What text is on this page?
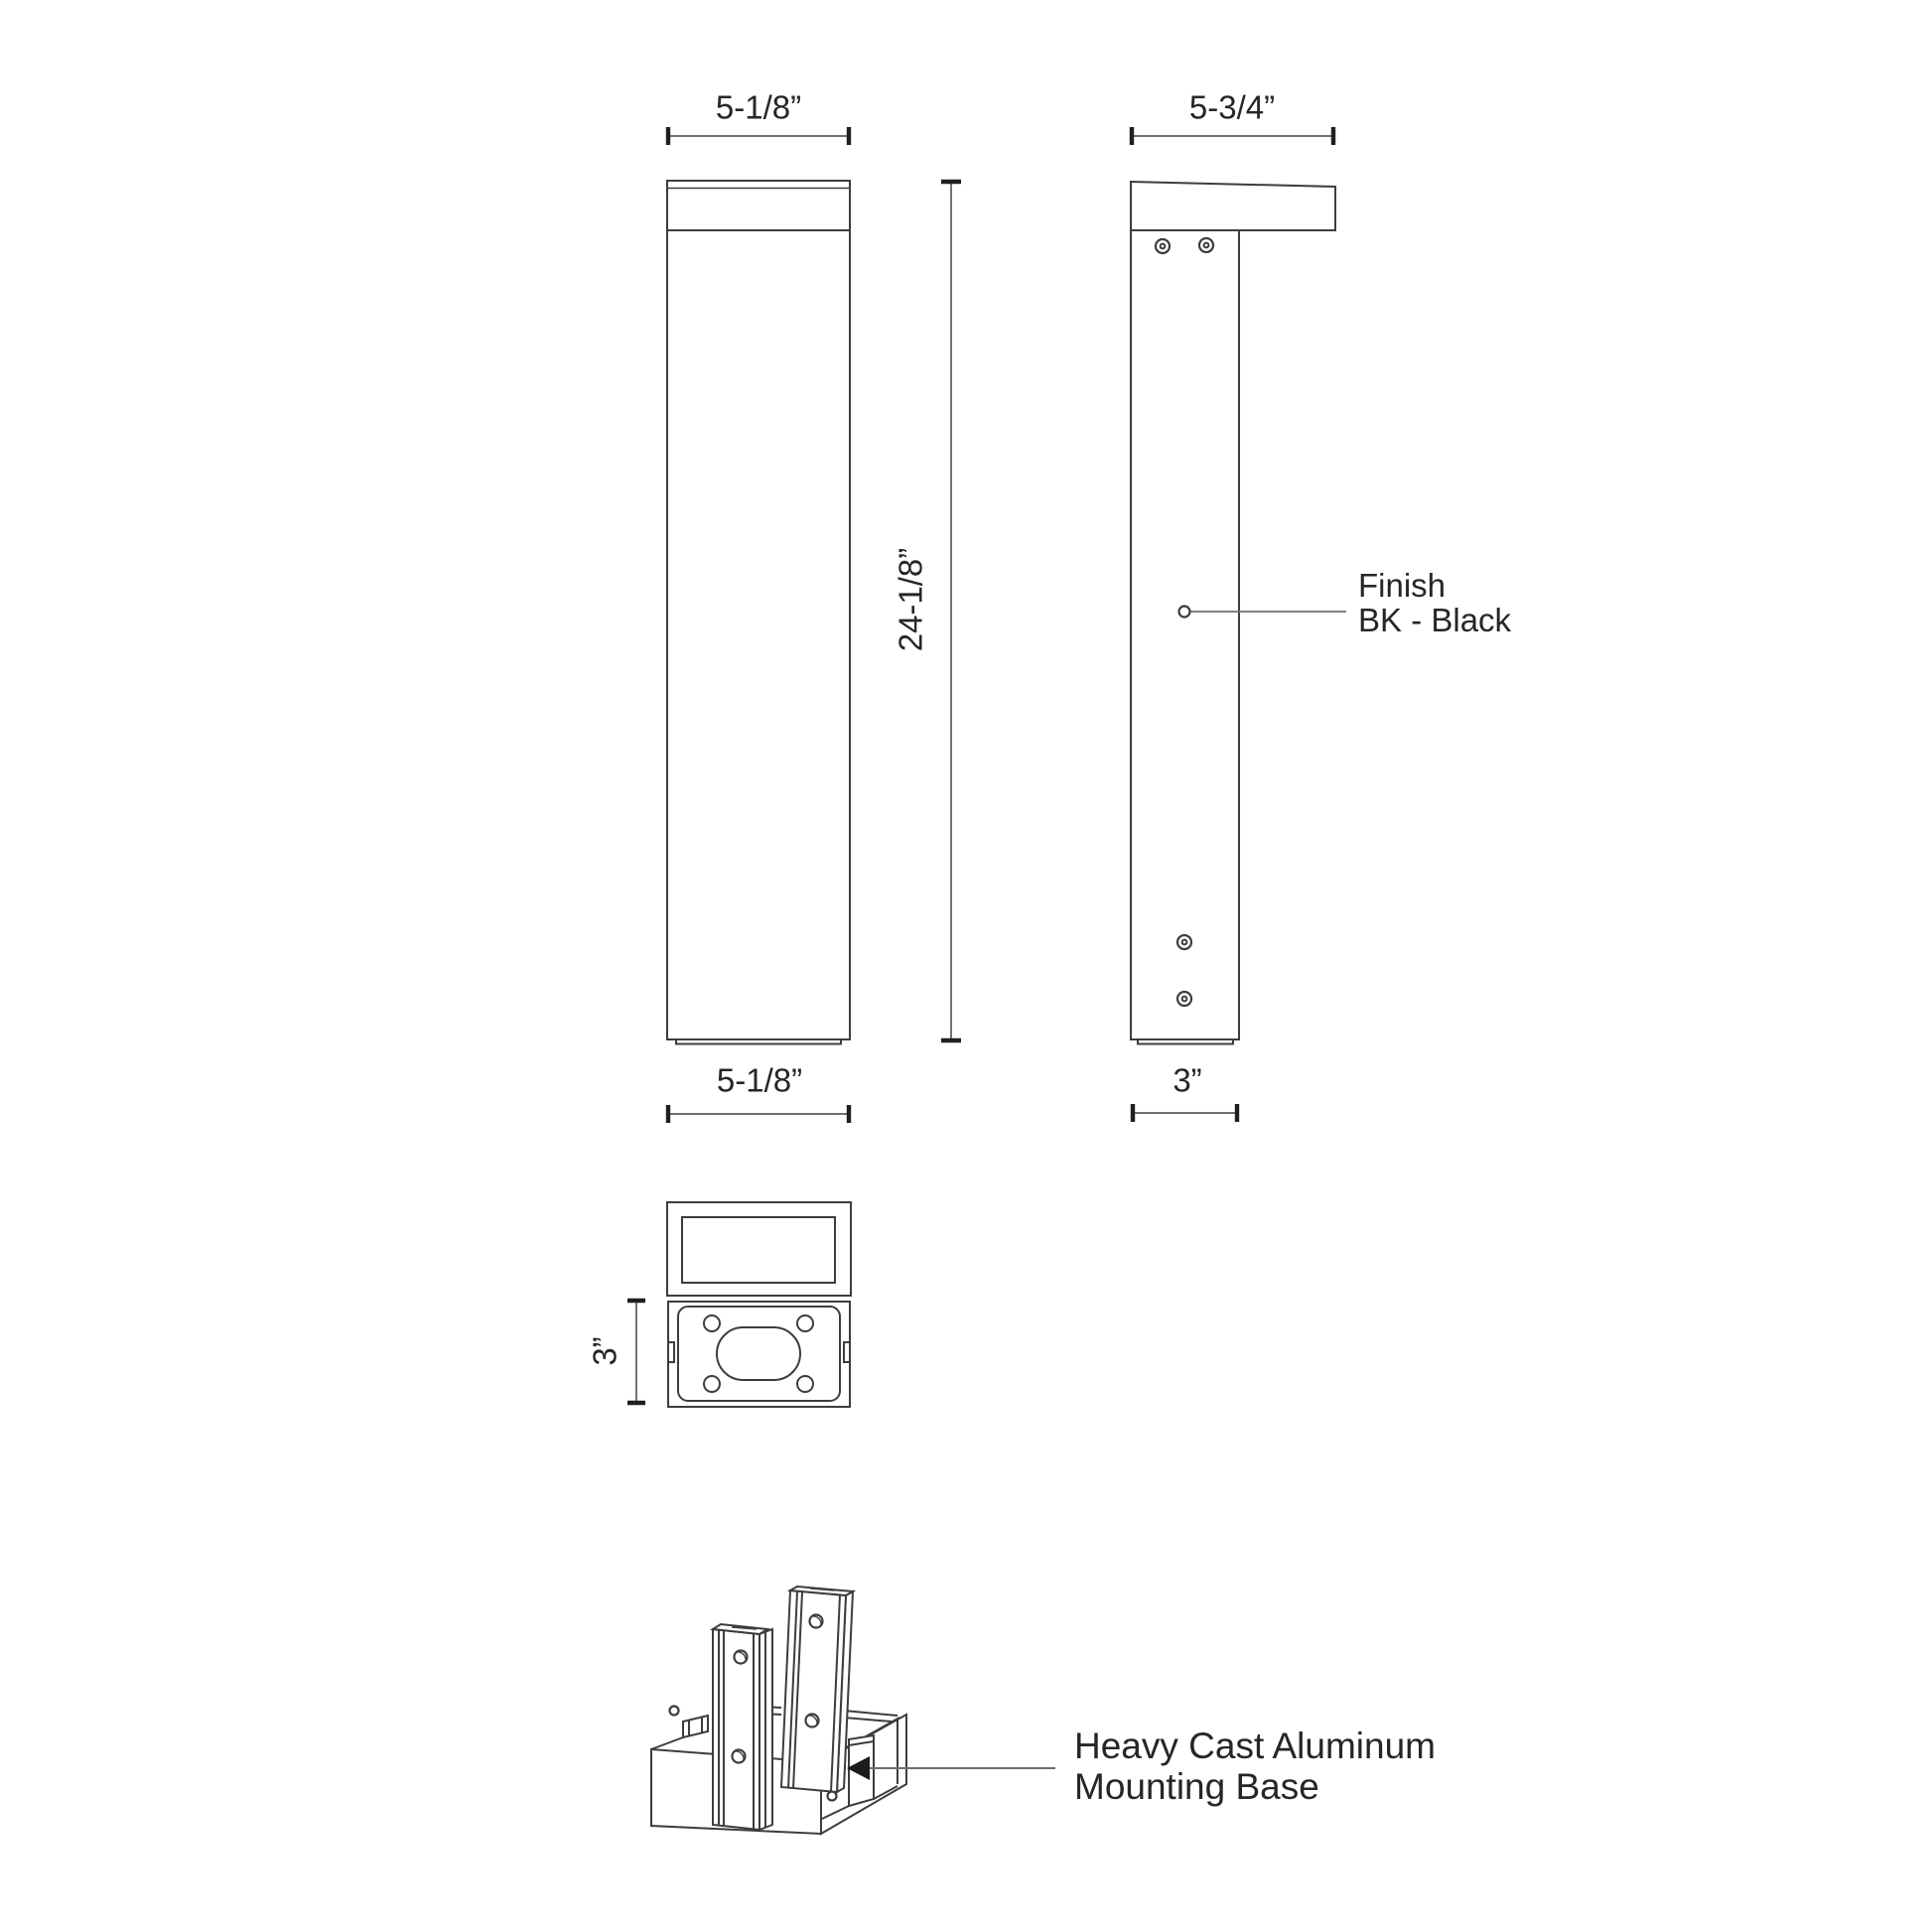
5-1/8”	5-3/4”
24-1/8”
5-1/8”	3”
3”
Finish
BK - Black
Heavy Cast Aluminum
Mounting Base
